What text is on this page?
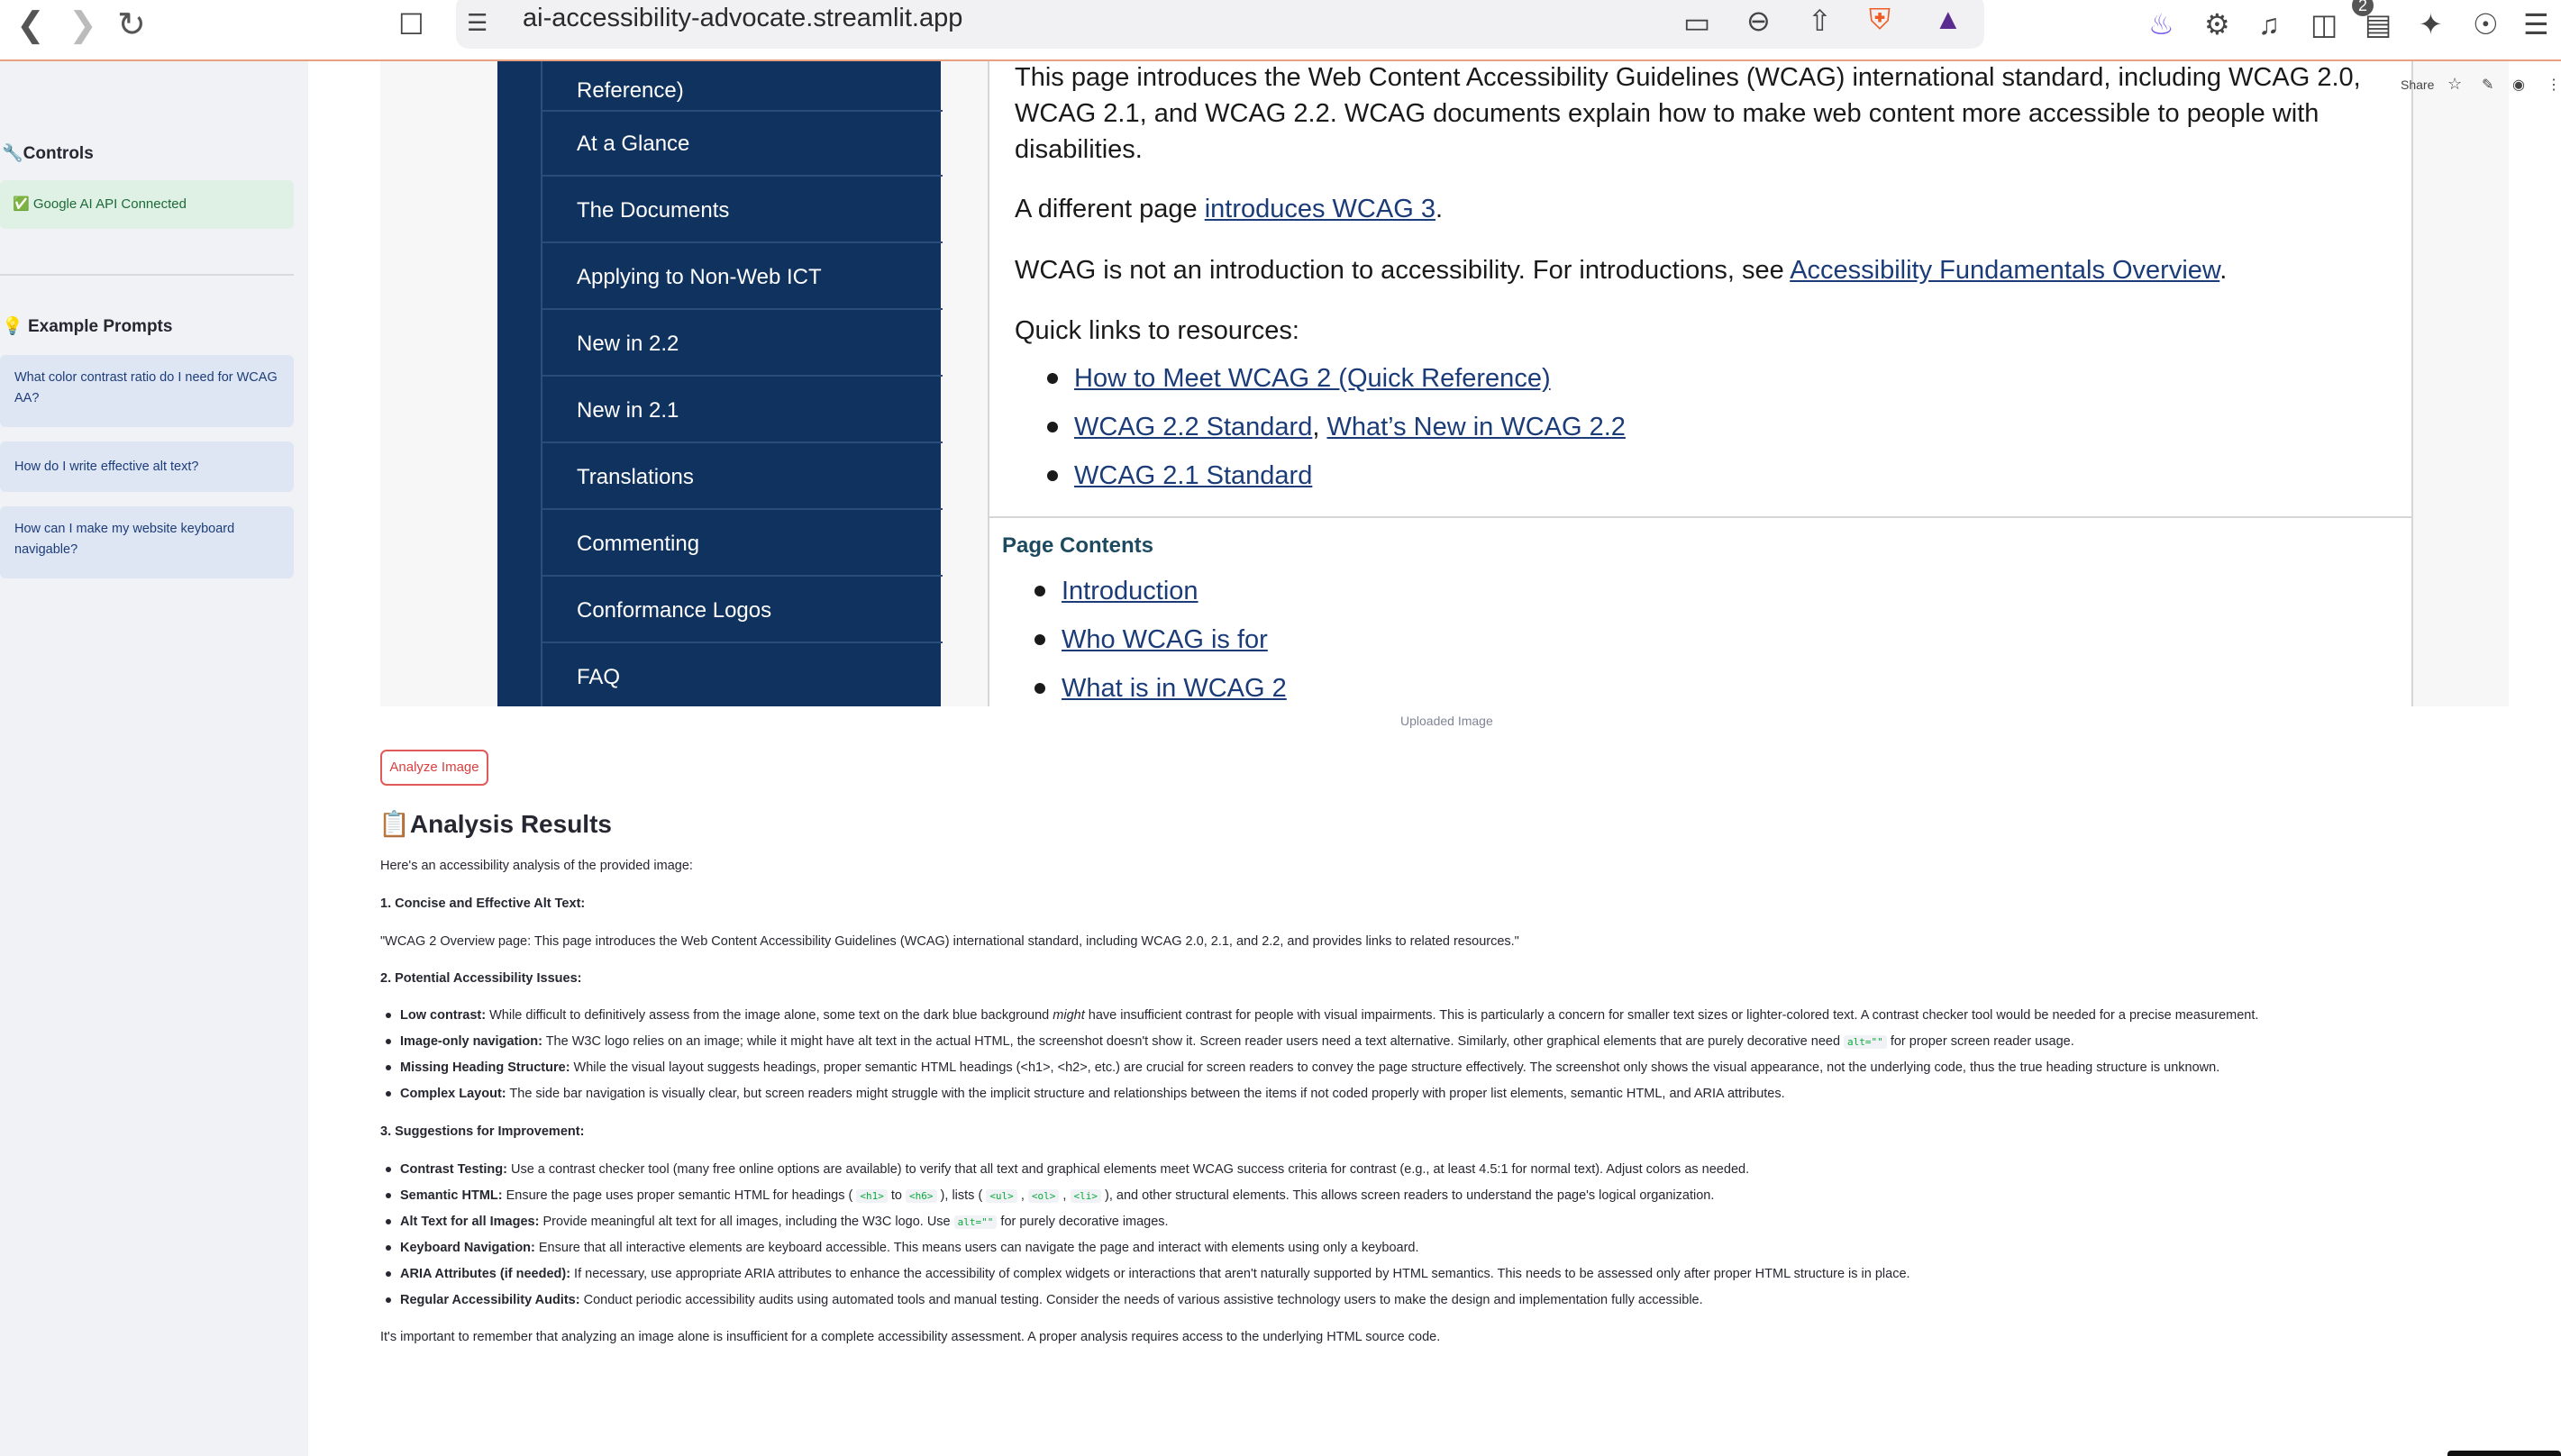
❮ ❯ ↻	☐ ☰ ai-accessibility-advocate.streamlit.app	▭ ⊖ ⇧ ⛨	2
▲	♨ ⚙ ♫ ◫ ▤ ✦ ☉ ☰
🔧Controls
✅ Google AI API Connected
💡 Example Prompts
What color contrast ratio do I need for WCAG AA?
How do I write effective alt text?
How can I make my website keyboard navigable?
Reference)
At a Glance
The Documents
Applying to Non-Web ICT
New in 2.2
New in 2.1
Translations
Commenting
Conformance Logos
FAQ
This page introduces the Web Content Accessibility Guidelines (WCAG) international standard, including WCAG 2.0,
WCAG 2.1, and WCAG 2.2. WCAG documents explain how to make web content more accessible to people with
disabilities.
A different page introduces WCAG 3.
WCAG is not an introduction to accessibility. For introductions, see Accessibility Fundamentals Overview.
Quick links to resources:
How to Meet WCAG 2 (Quick Reference)
WCAG 2.2 Standard, What’s New in WCAG 2.2
WCAG 2.1 Standard
Page Contents
Introduction
Who WCAG is for
What is in WCAG 2
Uploaded Image
Share ☆ ✎ ◉ ⋮
Analyze Image
📋Analysis Results
Here's an accessibility analysis of the provided image:
1. Concise and Effective Alt Text:
"WCAG 2 Overview page: This page introduces the Web Content Accessibility Guidelines (WCAG) international standard, including WCAG 2.0, 2.1, and 2.2, and provides links to related resources."
2. Potential Accessibility Issues:
Low contrast: While difficult to definitively assess from the image alone, some text on the dark blue background might have insufficient contrast for people with visual impairments. This is particularly a concern for smaller text sizes or lighter-colored text. A contrast checker tool would be needed for a precise measurement.
Image-only navigation: The W3C logo relies on an image; while it might have alt text in the actual HTML, the screenshot doesn't show it. Screen reader users need a text alternative. Similarly, other graphical elements that are purely decorative need alt="" for proper screen reader usage.
Missing Heading Structure: While the visual layout suggests headings, proper semantic HTML headings (<h1>, <h2>, etc.) are crucial for screen readers to convey the page structure effectively. The screenshot only shows the visual appearance, not the underlying code, thus the true heading structure is unknown.
Complex Layout: The side bar navigation is visually clear, but screen readers might struggle with the implicit structure and relationships between the items if not coded properly with proper list elements, semantic HTML, and ARIA attributes.
3. Suggestions for Improvement:
Contrast Testing: Use a contrast checker tool (many free online options are available) to verify that all text and graphical elements meet WCAG success criteria for contrast (e.g., at least 4.5:1 for normal text). Adjust colors as needed.
Semantic HTML: Ensure the page uses proper semantic HTML for headings ( <h1> to <h6> ), lists ( <ul> , <ol> , <li> ), and other structural elements. This allows screen readers to understand the page's logical organization.
Alt Text for all Images: Provide meaningful alt text for all images, including the W3C logo. Use alt="" for purely decorative images.
Keyboard Navigation: Ensure that all interactive elements are keyboard accessible. This means users can navigate the page and interact with elements using only a keyboard.
ARIA Attributes (if needed): If necessary, use appropriate ARIA attributes to enhance the accessibility of complex widgets or interactions that aren't naturally supported by HTML semantics. This needs to be assessed only after proper HTML structure is in place.
Regular Accessibility Audits: Conduct periodic accessibility audits using automated tools and manual testing. Consider the needs of various assistive technology users to make the design and implementation fully accessible.
It's important to remember that analyzing an image alone is insufficient for a complete accessibility assessment. A proper analysis requires access to the underlying HTML source code.
